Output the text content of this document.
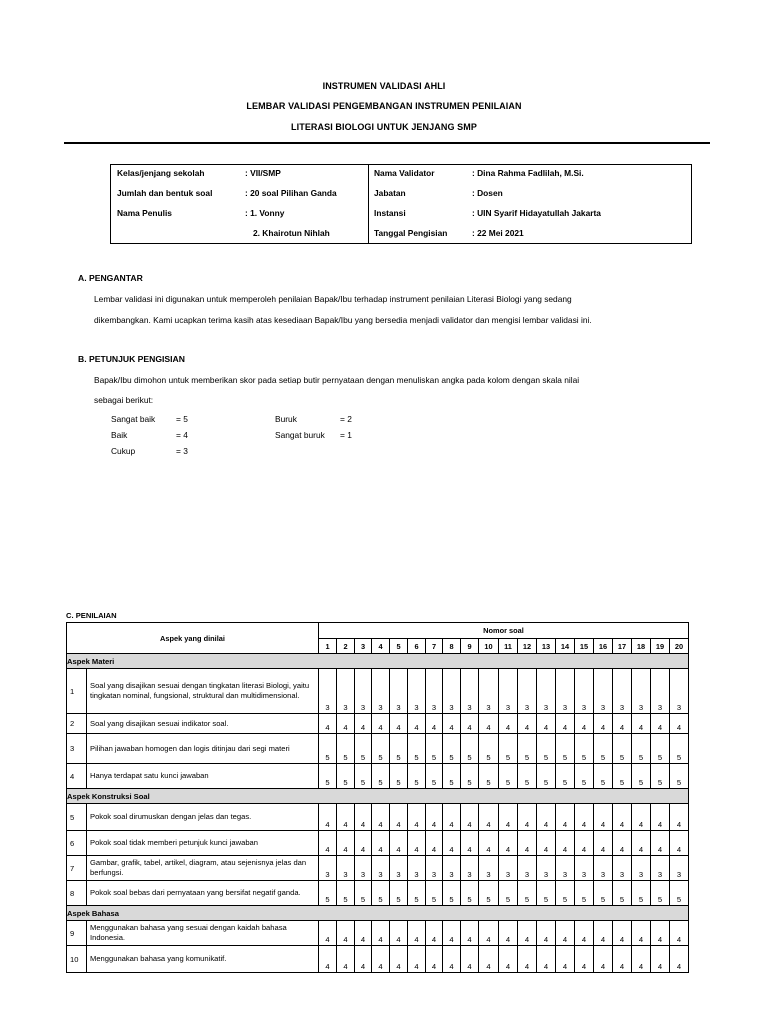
INSTRUMEN VALIDASI AHLI
LEMBAR VALIDASI PENGEMBANGAN INSTRUMEN PENILAIAN
LITERASI BIOLOGI UNTUK JENJANG SMP
Kelas/jenjang sekolah	: VII/SMP
Jumlah dan bentuk soal	: 20 soal Pilihan Ganda
Nama Penulis	: 1. Vonny
2. Khairotun Nihlah
Nama Validator	: Dina Rahma Fadlilah, M.Si.
Jabatan	: Dosen
Instansi	: UIN Syarif Hidayatullah Jakarta
Tanggal Pengisian	: 22 Mei 2021
A. PENGANTAR
Lembar validasi ini digunakan untuk memperoleh penilaian Bapak/Ibu terhadap instrument penilaian Literasi Biologi yang sedang
dikembangkan. Kami ucapkan terima kasih atas kesediaan Bapak/Ibu yang bersedia menjadi validator dan mengisi lembar validasi ini.
B. PETUNJUK PENGISIAN
Bapak/Ibu dimohon untuk memberikan skor pada setiap butir pernyataan dengan menuliskan angka pada kolom dengan skala nilai
sebagai berikut:
Sangat baik = 5
Baik	= 4
Cukup	= 3
Buruk	= 2
Sangat buruk = 1
C. PENILAIAN
Aspek yang dinilai		Nomor soal																			
		1	2	3	4	5	6	7	8	9	10	11	12	13	14	15	16	17	18	19	20
Aspek Materi																					
1	Soal yang disajikan sesuai dengan tingkatan literasi Biologi, yaitu tingkatan nominal, fungsional, struktural dan multidimensional.	3	3	3	3	3	3	3	3	3	3	3	3	3	3	3	3	3	3	3	3
2	Soal yang disajikan sesuai indikator soal.	4	4	4	4	4	4	4	4	4	4	4	4	4	4	4	4	4	4	4	4
3	Pilihan jawaban homogen dan logis ditinjau dari segi materi	5	5	5	5	5	5	5	5	5	5	5	5	5	5	5	5	5	5	5	5
4	Hanya terdapat satu kunci jawaban	5	5	5	5	5	5	5	5	5	5	5	5	5	5	5	5	5	5	5	5
Aspek Konstruksi Soal																					
5	Pokok soal dirumuskan dengan jelas dan tegas.	4	4	4	4	4	4	4	4	4	4	4	4	4	4	4	4	4	4	4	4
6	Pokok soal tidak memberi petunjuk kunci jawaban	4	4	4	4	4	4	4	4	4	4	4	4	4	4	4	4	4	4	4	4
7	Gambar, grafik, tabel, artikel, diagram, atau sejenisnya jelas dan berfungsi.	3	3	3	3	3	3	3	3	3	3	3	3	3	3	3	3	3	3	3	3
8	Pokok soal bebas dari pernyataan yang bersifat negatif ganda.	5	5	5	5	5	5	5	5	5	5	5	5	5	5	5	5	5	5	5	5
Aspek Bahasa																					
9	Menggunakan bahasa yang sesuai dengan kaidah bahasa Indonesia.	4	4	4	4	4	4	4	4	4	4	4	4	4	4	4	4	4	4	4	4
10	Menggunakan bahasa yang komunikatif.	4	4	4	4	4	4	4	4	4	4	4	4	4	4	4	4	4	4	4	4
